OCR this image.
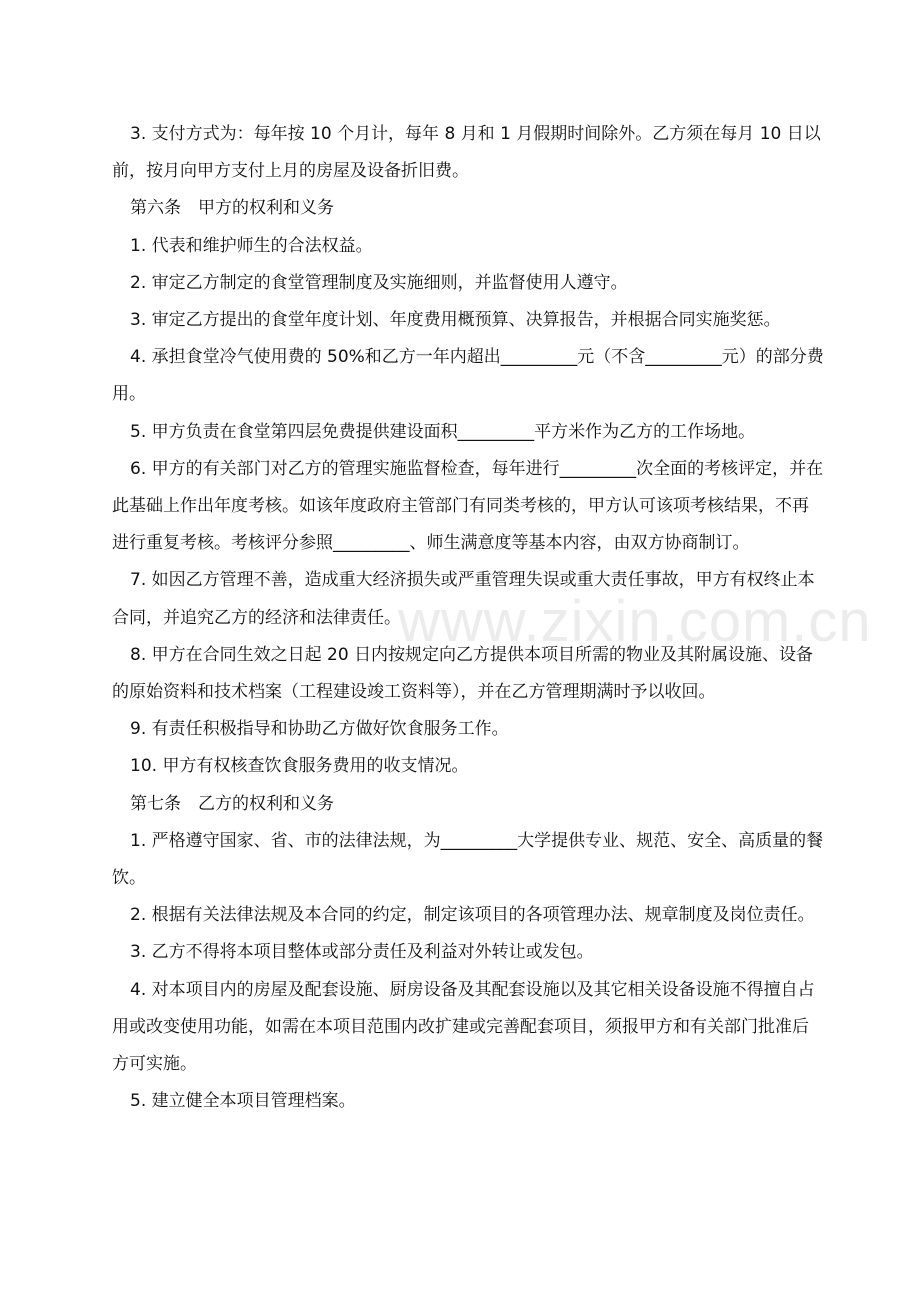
www.zixin.com.cn

3. 支付方式为：每年按 10 个月计，每年 8 月和 1 月假期时间除外。乙方须在每月 10 日以前，按月向甲方支付上月的房屋及设备折旧费。

第六条　甲方的权利和义务

1. 代表和维护师生的合法权益。

2. 审定乙方制定的食堂管理制度及实施细则，并监督使用人遵守。

3. 审定乙方提出的食堂年度计划、年度费用概预算、决算报告，并根据合同实施奖惩。

4. 承担食堂冷气使用费的 50%和乙方一年内超出_________元（不含_________元）的部分费用。

5. 甲方负责在食堂第四层免费提供建设面积_________平方米作为乙方的工作场地。

6. 甲方的有关部门对乙方的管理实施监督检查，每年进行_________次全面的考核评定，并在此基础上作出年度考核。如该年度政府主管部门有同类考核的，甲方认可该项考核结果，不再进行重复考核。考核评分参照_________、师生满意度等基本内容，由双方协商制订。

7. 如因乙方管理不善，造成重大经济损失或严重管理失误或重大责任事故，甲方有权终止本合同，并追究乙方的经济和法律责任。

8. 甲方在合同生效之日起 20 日内按规定向乙方提供本项目所需的物业及其附属设施、设备的原始资料和技术档案（工程建设竣工资料等），并在乙方管理期满时予以收回。

9. 有责任积极指导和协助乙方做好饮食服务工作。

10. 甲方有权核查饮食服务费用的收支情况。

第七条　乙方的权利和义务

1. 严格遵守国家、省、市的法律法规，为_________大学提供专业、规范、安全、高质量的餐饮。

2. 根据有关法律法规及本合同的约定，制定该项目的各项管理办法、规章制度及岗位责任。

3. 乙方不得将本项目整体或部分责任及利益对外转让或发包。

4. 对本项目内的房屋及配套设施、厨房设备及其配套设施以及其它相关设备设施不得擅自占用或改变使用功能，如需在本项目范围内改扩建或完善配套项目，须报甲方和有关部门批准后方可实施。

5. 建立健全本项目管理档案。
